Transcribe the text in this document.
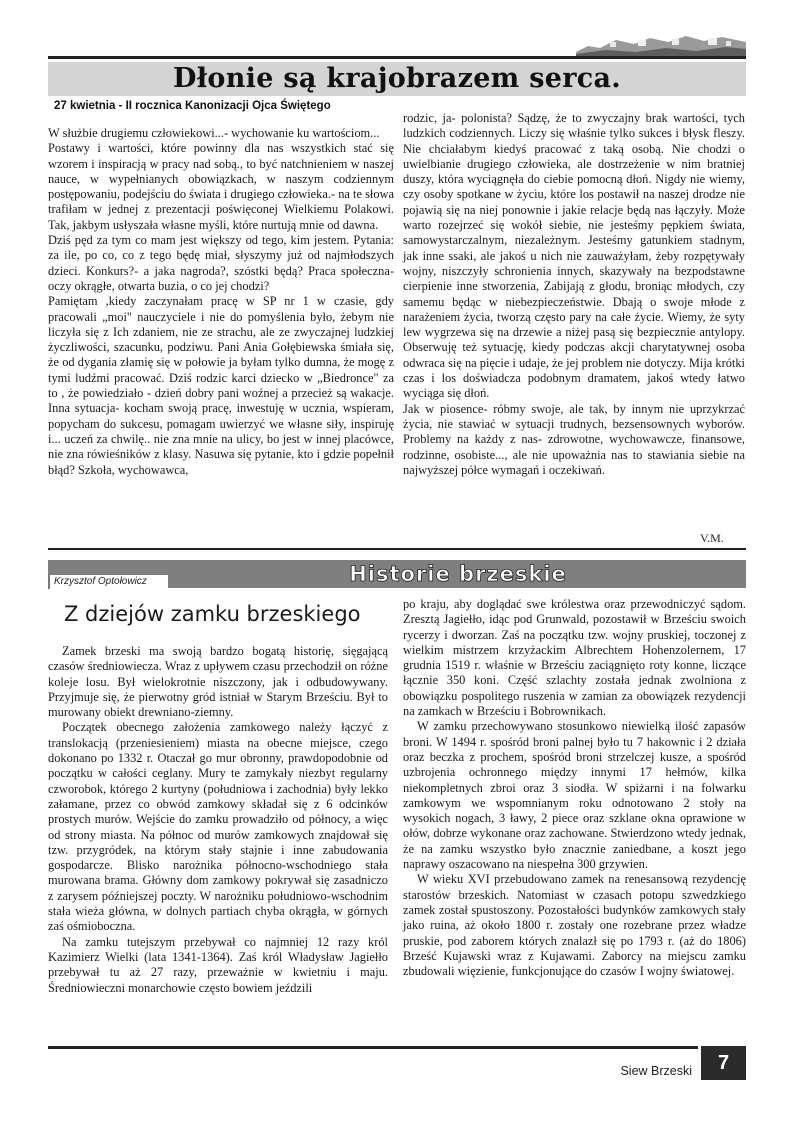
Dłonie są krajobrazem serca.
27 kwietnia - II rocznica Kanonizacji Ojca Świętego

W służbie drugiemu człowiekowi...- wychowanie ku wartościom...

Postawy i wartości, które powinny dla nas wszystkich stać się wzorem i inspiracją w pracy nad sobą., to być natchnieniem w naszej nauce, w wypełnianych obowiązkach, w naszym codziennym postępowaniu, podejściu do świata i drugiego człowieka.- na te słowa trafiłam w jednej z prezentacji poświęconej Wielkiemu Polakowi. Tak, jakbym usłyszała własne myśli, które nurtują mnie od dawna.

Dziś pęd za tym co mam jest większy od tego, kim jestem. Pytania: za ile, po co, co z tego będę miał, słyszymy już od najmłodszych dzieci. Konkurs?- a jaka nagroda?, szóstki będą? Praca społeczna- oczy okrągłe, otwarta buzia, o co jej chodzi?

Pamiętam ,kiedy zaczynałam pracę w SP nr 1 w czasie, gdy pracowali „moi" nauczyciele i nie do pomyślenia było, żebym nie liczyła się z Ich zdaniem, nie ze strachu, ale ze zwyczajnej ludzkiej życzliwości, szacunku, podziwu. Pani Ania Gołębiewska śmiała się, że od dygania złamię się w połowie ja byłam tylko dumna, że mogę z tymi ludźmi pracować. Dziś rodzic karci dziecko w „Biedronce" za to , że powiedziało - dzień dobry pani woźnej a przecież są wakacje. Inna sytuacja- kocham swoją pracę, inwestuję w ucznia, wspieram, popycham do sukcesu, pomagam uwierzyć we własne siły, inspiruję i... uczeń za chwilę.. nie zna mnie na ulicy, bo jest w innej placówce, nie zna rówieśników z klasy. Nasuwa się pytanie, kto i gdzie popełnił błąd? Szkoła, wychowawca,

rodzic, ja- polonista? Sądzę, że to zwyczajny brak wartości, tych ludzkich codziennych. Liczy się właśnie tylko sukces i błysk fleszy. Nie chciałabym kiedyś pracować z taką osobą. Nie chodzi o uwielbianie drugiego człowieka, ale dostrzeżenie w nim bratniej duszy, która wyciągnęła do ciebie pomocną dłoń. Nigdy nie wiemy, czy osoby spotkane w życiu, które los postawił na naszej drodze nie pojawią się na niej ponownie i jakie relacje będą nas łączyły. Może warto rozejrzeć się wokół siebie, nie jesteśmy pępkiem świata, samowystarczalnym, niezależnym. Jesteśmy gatunkiem stadnym, jak inne ssaki, ale jakoś u nich nie zauważyłam, żeby rozpętywały wojny, niszczyły schronienia innych, skazywały na bezpodstawne cierpienie inne stworzenia, Zabijają z głodu, broniąc młodych, czy samemu będąc w niebezpieczeństwie. Dbają o swoje młode z narażeniem życia, tworzą często pary na całe życie. Wiemy, że syty lew wygrzewa się na drzewie a niżej pasą się bezpiecznie antylopy. Obserwuję też sytuację, kiedy podczas akcji charytatywnej osoba odwraca się na pięcie i udaje, że jej problem nie dotyczy. Mija krótki czas i los doświadcza podobnym dramatem, jakoś wtedy łatwo wyciąga się dłoń.

Jak w piosence- róbmy swoje, ale tak, by innym nie uprzykrzać życia, nie stawiać w sytuacji trudnych, bezsensownych wyborów. Problemy na każdy z nas- zdrowotne, wychowawcze, finansowe, rodzinne, osobiste..., ale nie upoważnia nas to stawiania siebie na najwyższej półce wymagań i oczekiwań.

V.M.
Krzysztof Optołowicz	Historie brzeskie
Z dziejów zamku brzeskiego

Zamek brzeski ma swoją bardzo bogatą historię, sięgającą czasów średniowiecza. Wraz z upływem czasu przechodził on różne koleje losu. Był wielokrotnie niszczony, jak i odbudowywany. Przyjmuje się, że pierwotny gród istniał w Starym Brześciu. Był to murowany obiekt drewniano-ziemny.

Początek obecnego założenia zamkowego należy łączyć z translokacją (przeniesieniem) miasta na obecne miejsce, czego dokonano po 1332 r. Otaczał go mur obronny, prawdopodobnie od początku w całości ceglany. Mury te zamykały niezbyt regularny czworobok, którego 2 kurtyny (południowa i zachodnia) były lekko załamane, przez co obwód zamkowy składał się z 6 odcinków prostych murów. Wejście do zamku prowadziło od północy, a więc od strony miasta. Na północ od murów zamkowych znajdował się tzw. przygródek, na którym stały stajnie i inne zabudowania gospodarcze. Blisko narożnika północno-wschodniego stała murowana brama. Główny dom zamkowy pokrywał się zasadniczo z zarysem późniejszej poczty. W narożniku południowo-wschodnim stała wieża główna, w dolnych partiach chyba okrągła, w górnych zaś ośmioboczna.

Na zamku tutejszym przebywał co najmniej 12 razy król Kazimierz Wielki (lata 1341-1364). Zaś król Władysław Jagiełło przebywał tu aż 27 razy, przeważnie w kwietniu i maju. Średniowieczni monarchowie często bowiem jeździli

po kraju, aby doglądać swe królestwa oraz przewodniczyć sądom. Zresztą Jagiełło, idąc pod Grunwald, pozostawił w Brześciu swoich rycerzy i dworzan. Zaś na początku tzw. wojny pruskiej, toczonej z wielkim mistrzem krzyżackim Albrechtem Hohenzolernem, 17 grudnia 1519 r. właśnie w Brześciu zaciągnięto roty konne, liczące łącznie 350 koni. Część szlachty została jednak zwolniona z obowiązku pospolitego ruszenia w zamian za obowiązek rezydencji na zamkach w Brześciu i Bobrownikach.

W zamku przechowywano stosunkowo niewielką ilość zapasów broni. W 1494 r. spośród broni palnej było tu 7 hakownic i 2 działa oraz beczka z prochem, spośród broni strzelczej kusze, a spośród uzbrojenia ochronnego między innymi 17 hełmów, kilka niekompletnych zbroi oraz 3 siodła. W spiżarni i na folwarku zamkowym we wspomnianym roku odnotowano 2 stoły na wysokich nogach, 3 ławy, 2 piece oraz szklane okna oprawione w ołów, dobrze wykonane oraz zachowane. Stwierdzono wtedy jednak, że na zamku wszystko było znacznie zaniedbane, a koszt jego naprawy oszacowano na niespełna 300 grzywien.

W wieku XVI przebudowano zamek na renesansową rezydencję starostów brzeskich. Natomiast w czasach potopu szwedzkiego zamek został spustoszony. Pozostałości budynków zamkowych stały jako ruina, aż około 1800 r. zostały one rozebrane przez władze pruskie, pod zaborem których znalazł się po 1793 r. (aż do 1806) Brześć Kujawski wraz z Kujawami. Zaborcy na miejscu zamku zbudowali więzienie, funkcjonujące do czasów I wojny światowej.

Siew Brzeski	7
